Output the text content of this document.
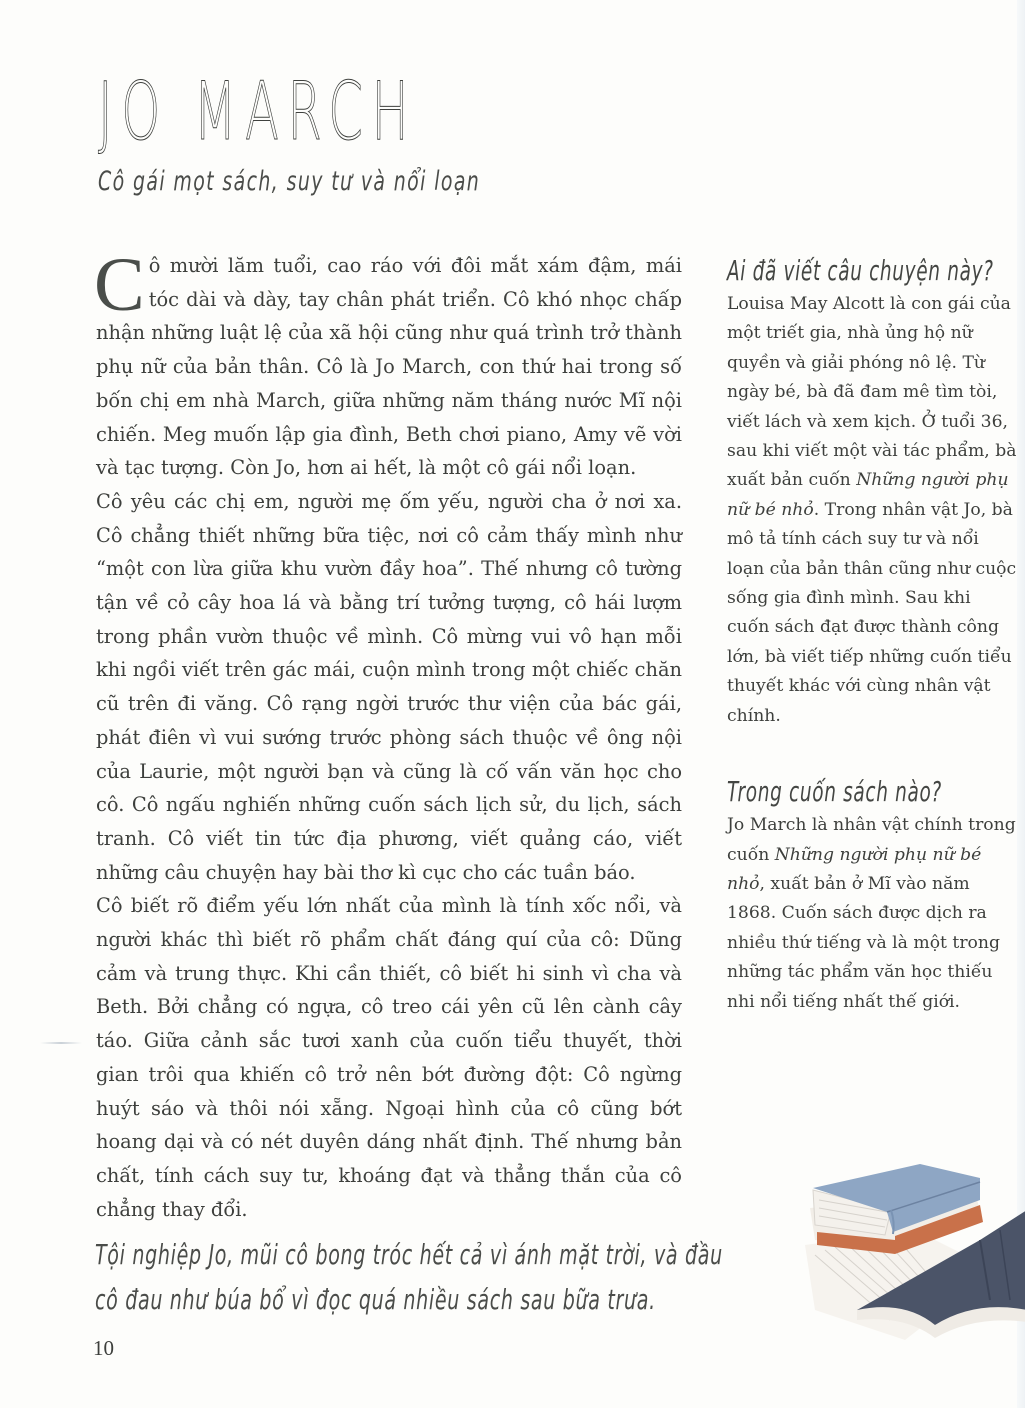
JO MARCH
Cô gái mọt sách, suy tư và nổi loạn

Cô mười lăm tuổi, cao ráo với đôi mắt xám đậm, mái tóc dài và dày, tay chân phát triển. Cô khó nhọc chấp nhận những luật lệ của xã hội cũng như quá trình trở thành phụ nữ của bản thân. Cô là Jo March, con thứ hai trong số bốn chị em nhà March, giữa những năm tháng nước Mĩ nội chiến. Meg muốn lập gia đình, Beth chơi piano, Amy vẽ vời và tạc tượng. Còn Jo, hơn ai hết, là một cô gái nổi loạn.

Cô yêu các chị em, người mẹ ốm yếu, người cha ở nơi xa. Cô chẳng thiết những bữa tiệc, nơi cô cảm thấy mình như “một con lừa giữa khu vườn đầy hoa”. Thế nhưng cô tường tận về cỏ cây hoa lá và bằng trí tưởng tượng, cô hái lượm trong phần vườn thuộc về mình. Cô mừng vui vô hạn mỗi khi ngồi viết trên gác mái, cuộn mình trong một chiếc chăn cũ trên đi văng. Cô rạng ngời trước thư viện của bác gái, phát điên vì vui sướng trước phòng sách thuộc về ông nội của Laurie, một người bạn và cũng là cố vấn văn học cho cô. Cô ngấu nghiến những cuốn sách lịch sử, du lịch, sách tranh. Cô viết tin tức địa phương, viết quảng cáo, viết những câu chuyện hay bài thơ kì cục cho các tuần báo.

Cô biết rõ điểm yếu lớn nhất của mình là tính xốc nổi, và người khác thì biết rõ phẩm chất đáng quí của cô: Dũng cảm và trung thực. Khi cần thiết, cô biết hi sinh vì cha và Beth. Bởi chẳng có ngựa, cô treo cái yên cũ lên cành cây táo. Giữa cảnh sắc tươi xanh của cuốn tiểu thuyết, thời gian trôi qua khiến cô trở nên bớt đường đột: Cô ngừng huýt sáo và thôi nói xẵng. Ngoại hình của cô cũng bớt hoang dại và có nét duyên dáng nhất định. Thế nhưng bản chất, tính cách suy tư, khoáng đạt và thẳng thắn của cô chẳng thay đổi.

Tội nghiệp Jo, mũi cô bong tróc hết cả vì ánh mặt trời, và đầu
cô đau như búa bổ vì đọc quá nhiều sách sau bữa trưa.
10
Ai đã viết câu chuyện này?

Louisa May Alcott là con gái của một triết gia, nhà ủng hộ nữ quyền và giải phóng nô lệ. Từ ngày bé, bà đã đam mê tìm tòi, viết lách và xem kịch. Ở tuổi 36, sau khi viết một vài tác phẩm, bà xuất bản cuốn Những người phụ nữ bé nhỏ. Trong nhân vật Jo, bà mô tả tính cách suy tư và nổi loạn của bản thân cũng như cuộc sống gia đình mình. Sau khi cuốn sách đạt được thành công lớn, bà viết tiếp những cuốn tiểu thuyết khác với cùng nhân vật chính.

Trong cuốn sách nào?

Jo March là nhân vật chính trong cuốn Những người phụ nữ bé nhỏ, xuất bản ở Mĩ vào năm 1868. Cuốn sách được dịch ra nhiều thứ tiếng và là một trong những tác phẩm văn học thiếu nhi nổi tiếng nhất thế giới.
